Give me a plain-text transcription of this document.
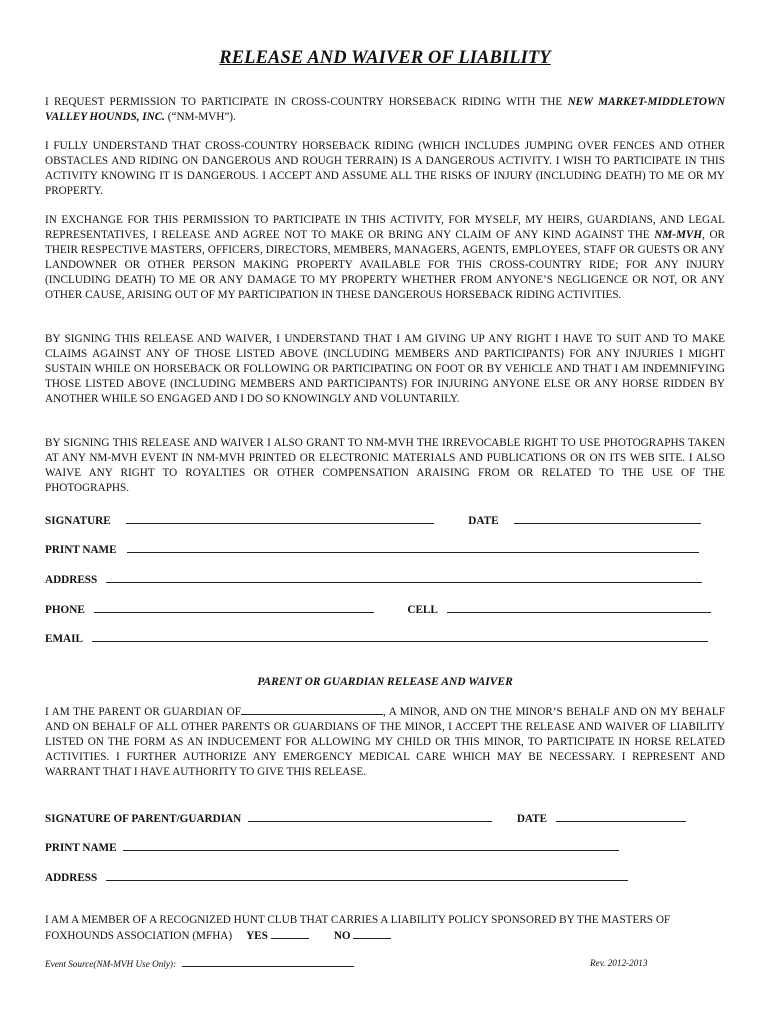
RELEASE AND WAIVER OF LIABILITY
I REQUEST PERMISSION TO PARTICIPATE IN CROSS-COUNTRY HORSEBACK RIDING WITH THE NEW MARKET-MIDDLETOWN VALLEY HOUNDS, INC. (“NM-MVH”).
I FULLY UNDERSTAND THAT CROSS-COUNTRY HORSEBACK RIDING (WHICH INCLUDES JUMPING OVER FENCES AND OTHER OBSTACLES AND RIDING ON DANGEROUS AND ROUGH TERRAIN) IS A DANGEROUS ACTIVITY. I WISH TO PARTICIPATE IN THIS ACTIVITY KNOWING IT IS DANGEROUS. I ACCEPT AND ASSUME ALL THE RISKS OF INJURY (INCLUDING DEATH) TO ME OR MY PROPERTY.
IN EXCHANGE FOR THIS PERMISSION TO PARTICIPATE IN THIS ACTIVITY, FOR MYSELF, MY HEIRS, GUARDIANS, AND LEGAL REPRESENTATIVES, I RELEASE AND AGREE NOT TO MAKE OR BRING ANY CLAIM OF ANY KIND AGAINST THE NM-MVH, OR THEIR RESPECTIVE MASTERS, OFFICERS, DIRECTORS, MEMBERS, MANAGERS, AGENTS, EMPLOYEES, STAFF OR GUESTS OR ANY LANDOWNER OR OTHER PERSON MAKING PROPERTY AVAILABLE FOR THIS CROSS-COUNTRY RIDE; FOR ANY INJURY (INCLUDING DEATH) TO ME OR ANY DAMAGE TO MY PROPERTY WHETHER FROM ANYONE’S NEGLIGENCE OR NOT, OR ANY OTHER CAUSE, ARISING OUT OF MY PARTICIPATION IN THESE DANGEROUS HORSEBACK RIDING ACTIVITIES.
BY SIGNING THIS RELEASE AND WAIVER, I UNDERSTAND THAT I AM GIVING UP ANY RIGHT I HAVE TO SUIT AND TO MAKE CLAIMS AGAINST ANY OF THOSE LISTED ABOVE (INCLUDING MEMBERS AND PARTICIPANTS) FOR ANY INJURIES I MIGHT SUSTAIN WHILE ON HORSEBACK OR FOLLOWING OR PARTICIPATING ON FOOT OR BY VEHICLE AND THAT I AM INDEMNIFYING THOSE LISTED ABOVE (INCLUDING MEMBERS AND PARTICIPANTS) FOR INJURING ANYONE ELSE OR ANY HORSE RIDDEN BY ANOTHER WHILE SO ENGAGED AND I DO SO KNOWINGLY AND VOLUNTARILY.
BY SIGNING THIS RELEASE AND WAIVER I ALSO GRANT TO NM-MVH THE IRREVOCABLE RIGHT TO USE PHOTOGRAPHS TAKEN AT ANY NM-MVH EVENT IN NM-MVH PRINTED OR ELECTRONIC MATERIALS AND PUBLICATIONS OR ON ITS WEB SITE. I ALSO WAIVE ANY RIGHT TO ROYALTIES OR OTHER COMPENSATION ARAISING FROM OR RELATED TO THE USE OF THE PHOTOGRAPHS.
SIGNATURE	DATE
PRINT NAME
ADDRESS
PHONE	CELL
EMAIL
PARENT OR GUARDIAN RELEASE AND WAIVER
I AM THE PARENT OR GUARDIAN OF	, A MINOR, AND ON THE MINOR’S BEHALF AND ON MY BEHALF AND ON BEHALF OF ALL OTHER PARENTS OR GUARDIANS OF THE MINOR, I ACCEPT THE RELEASE AND WAIVER OF LIABILITY LISTED ON THE FORM AS AN INDUCEMENT FOR ALLOWING MY CHILD OR THIS MINOR, TO PARTICIPATE IN HORSE RELATED ACTIVITIES. I FURTHER AUTHORIZE ANY EMERGENCY MEDICAL CARE WHICH MAY BE NECESSARY. I REPRESENT AND WARRANT THAT I HAVE AUTHORITY TO GIVE THIS RELEASE.
SIGNATURE OF PARENT/GUARDIAN	DATE
PRINT NAME
ADDRESS
I AM A MEMBER OF A RECOGNIZED HUNT CLUB THAT CARRIES A LIABILITY POLICY SPONSORED BY THE MASTERS OF FOXHOUNDS ASSOCIATION (MFHA) YES	NO
Event Source(NM-MVH Use Only):	Rev. 2012-2013
